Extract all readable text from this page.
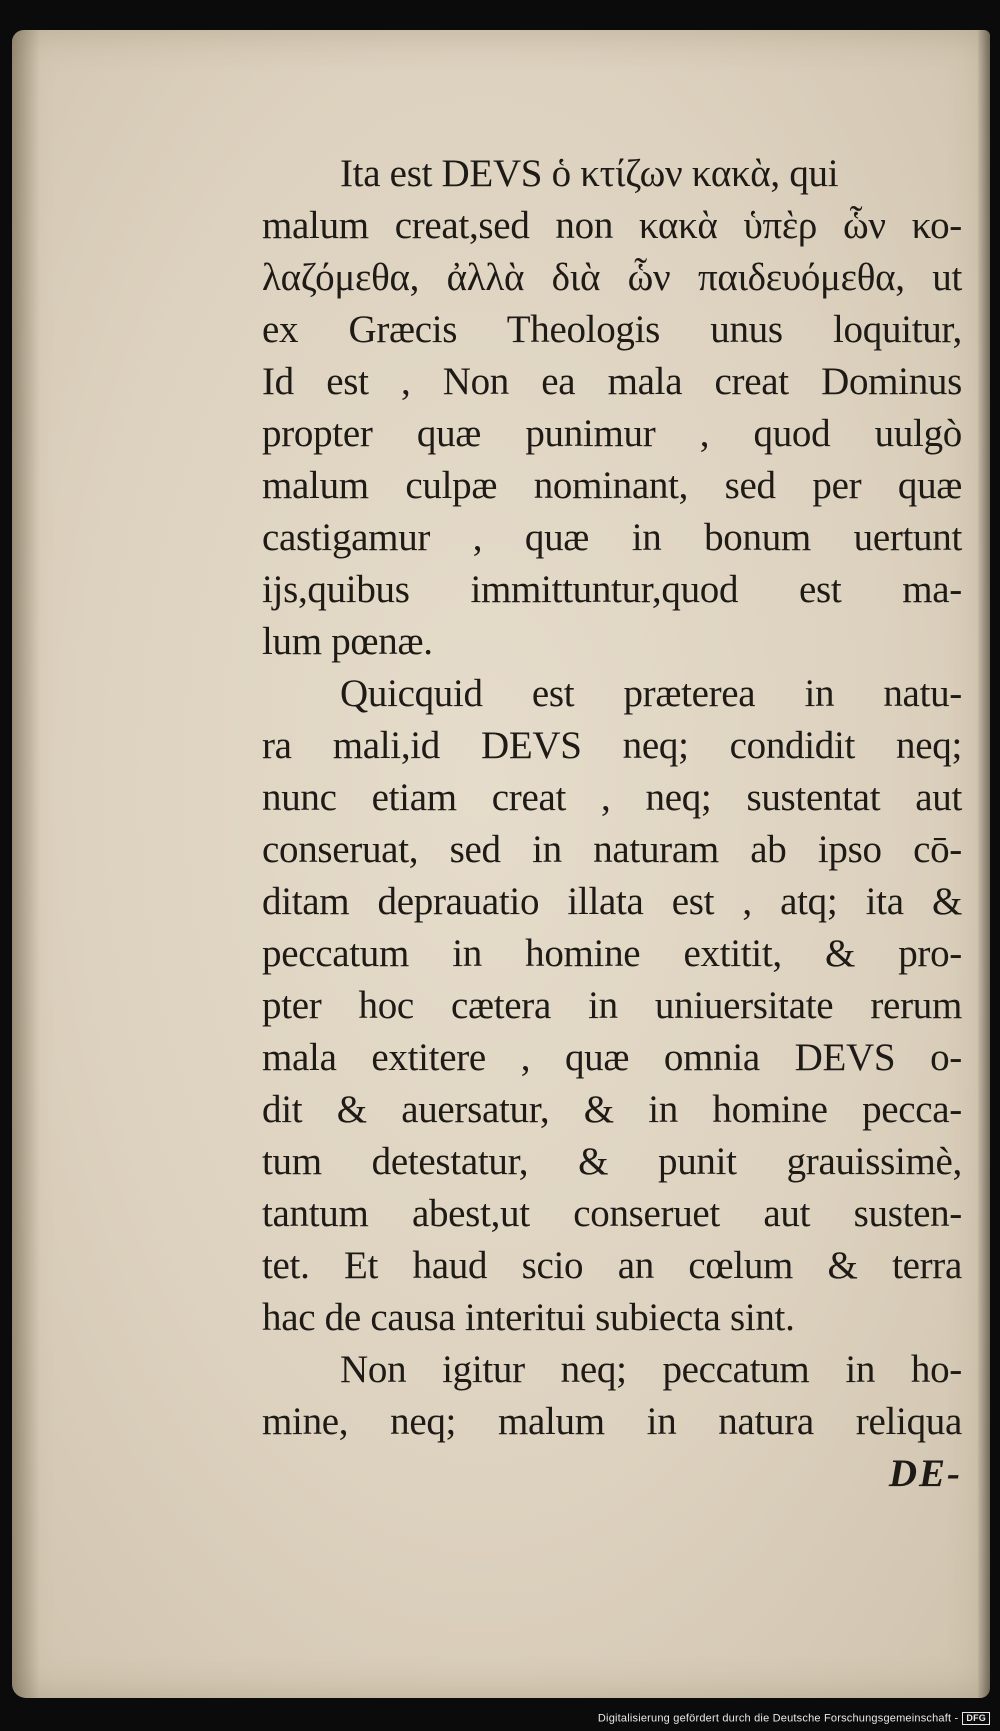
Ita est DEVS ὁ κτίζων κακὰ, qui
malum creat,sed non κακὰ ὑπὲρ ὧν κο-
λαζόμεθα, ἀλλὰ διὰ ὧν παιδευόμεθα, ut
ex Græcis Theologis unus loquitur,
Id est , Non ea mala creat Dominus
propter quæ punimur , quod uulgò
malum culpæ nominant, sed per quæ
castigamur , quæ in bonum uertunt
ijs,quibus immittuntur,quod est ma-
lum pœnæ.
Quicquid est præterea in natu-
ra mali,id DEVS neq; condidit neq;
nunc etiam creat , neq; sustentat aut
conseruat, sed in naturam ab ipso cō-
ditam deprauatio illata est , atq; ita &
peccatum in homine extitit, & pro-
pter hoc cætera in uniuersitate rerum
mala extitere , quæ omnia DEVS o-
dit & auersatur, & in homine pecca-
tum detestatur, & punit grauissimè,
tantum abest,ut conseruet aut susten-
tet. Et haud scio an cœlum & terra
hac de causa interitui subiecta sint.
Non igitur neq; peccatum in ho-
mine, neq; malum in natura reliqua
DE-
Digitalisierung gefördert durch die Deutsche Forschungsgemeinschaft - DFG
